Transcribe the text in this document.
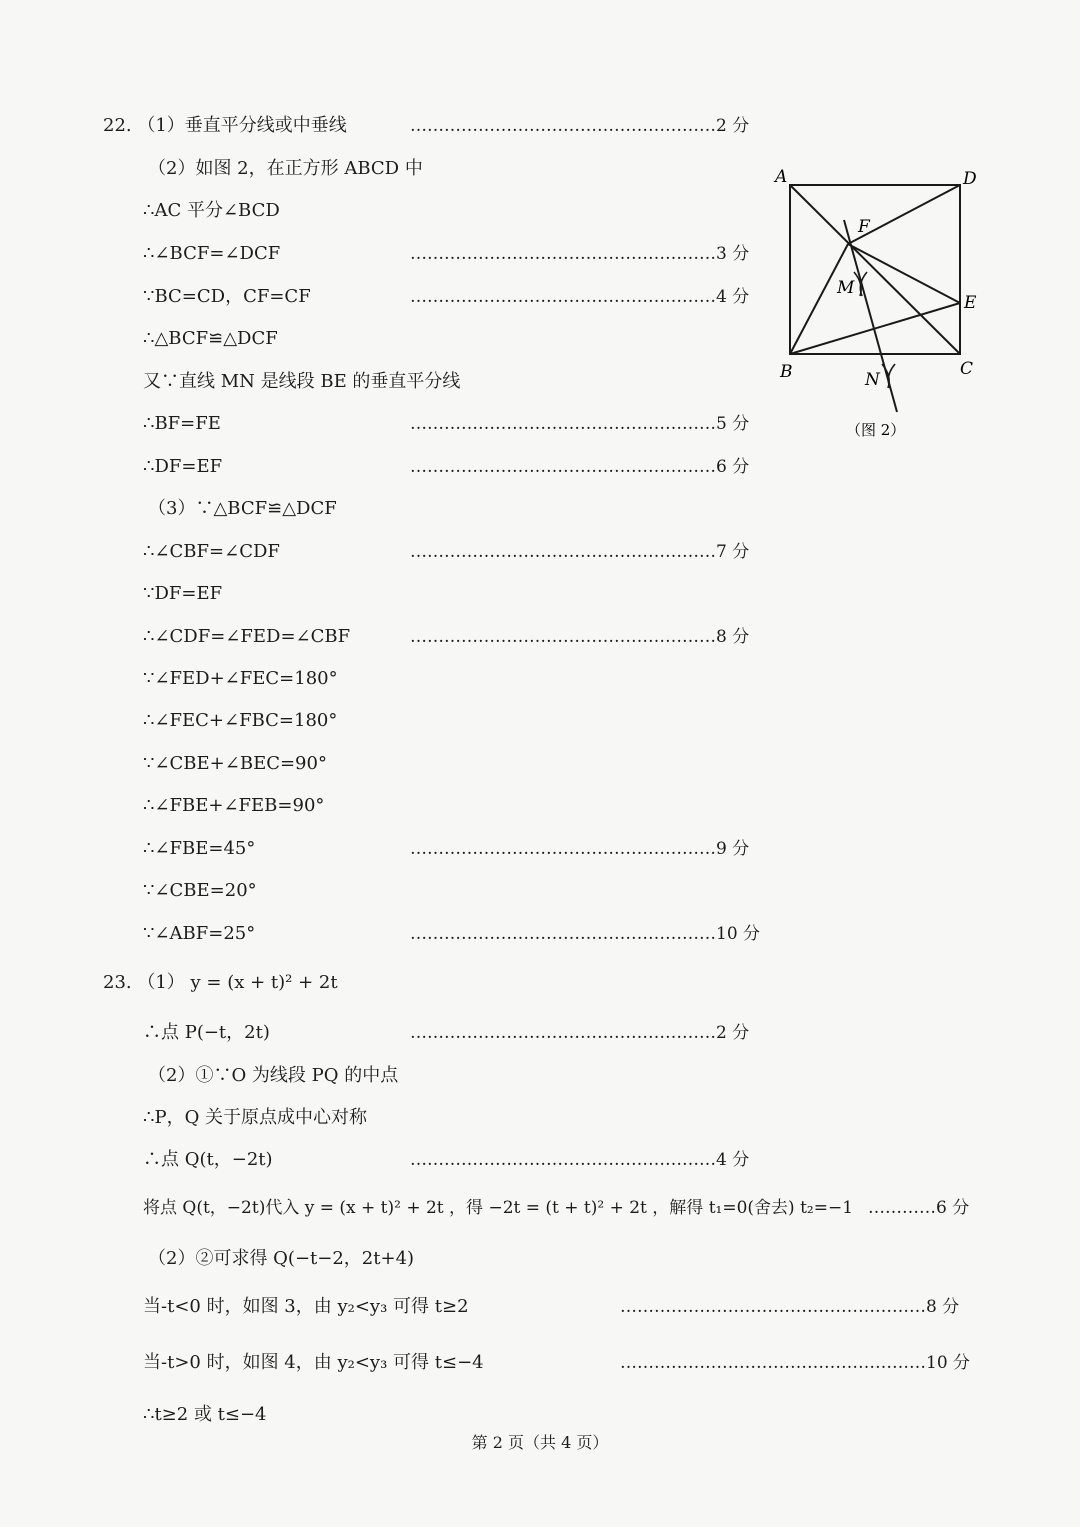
22. （1）垂直平分线或中垂线	………………………………………………2 分
（2）如图 2，在正方形 ABCD 中
∴AC 平分∠BCD
∴∠BCF=∠DCF	………………………………………………3 分
∵BC=CD，CF=CF	………………………………………………4 分
∴△BCF≌△DCF
又∵直线 MN 是线段 BE 的垂直平分线
∴BF=FE	………………………………………………5 分
∴DF=EF	………………………………………………6 分
（3）∵△BCF≌△DCF
∴∠CBF=∠CDF	………………………………………………7 分
∵DF=EF
∴∠CDF=∠FED=∠CBF	………………………………………………8 分
∵∠FED+∠FEC=180°
∴∠FEC+∠FBC=180°
∵∠CBE+∠BEC=90°
∴∠FBE+∠FEB=90°
∴∠FBE=45°	………………………………………………9 分
∵∠CBE=20°
∵∠ABF=25°	………………………………………………10 分
23. （1） y = (x + t)² + 2t
∴点 P(−t，2t)	………………………………………………2 分
（2）①∵O 为线段 PQ 的中点
∴P，Q 关于原点成中心对称
∴点 Q(t，−2t)	………………………………………………4 分
将点 Q(t，−2t)代入 y = (x + t)² + 2t ，得 −2t = (t + t)² + 2t ，解得 t₁=0(舍去) t₂=−1 …………6 分
（2）②可求得 Q(−t−2，2t+4)
当-t<0 时，如图 3，由 y₂<y₃ 可得 t≥2	………………………………………………8 分
当-t>0 时，如图 4，由 y₂<y₃ 可得 t≤−4	………………………………………………10 分
∴t≥2 或 t≤−4
A	D
B	C
E
F
M
N
（图 2）
第 2 页（共 4 页）
